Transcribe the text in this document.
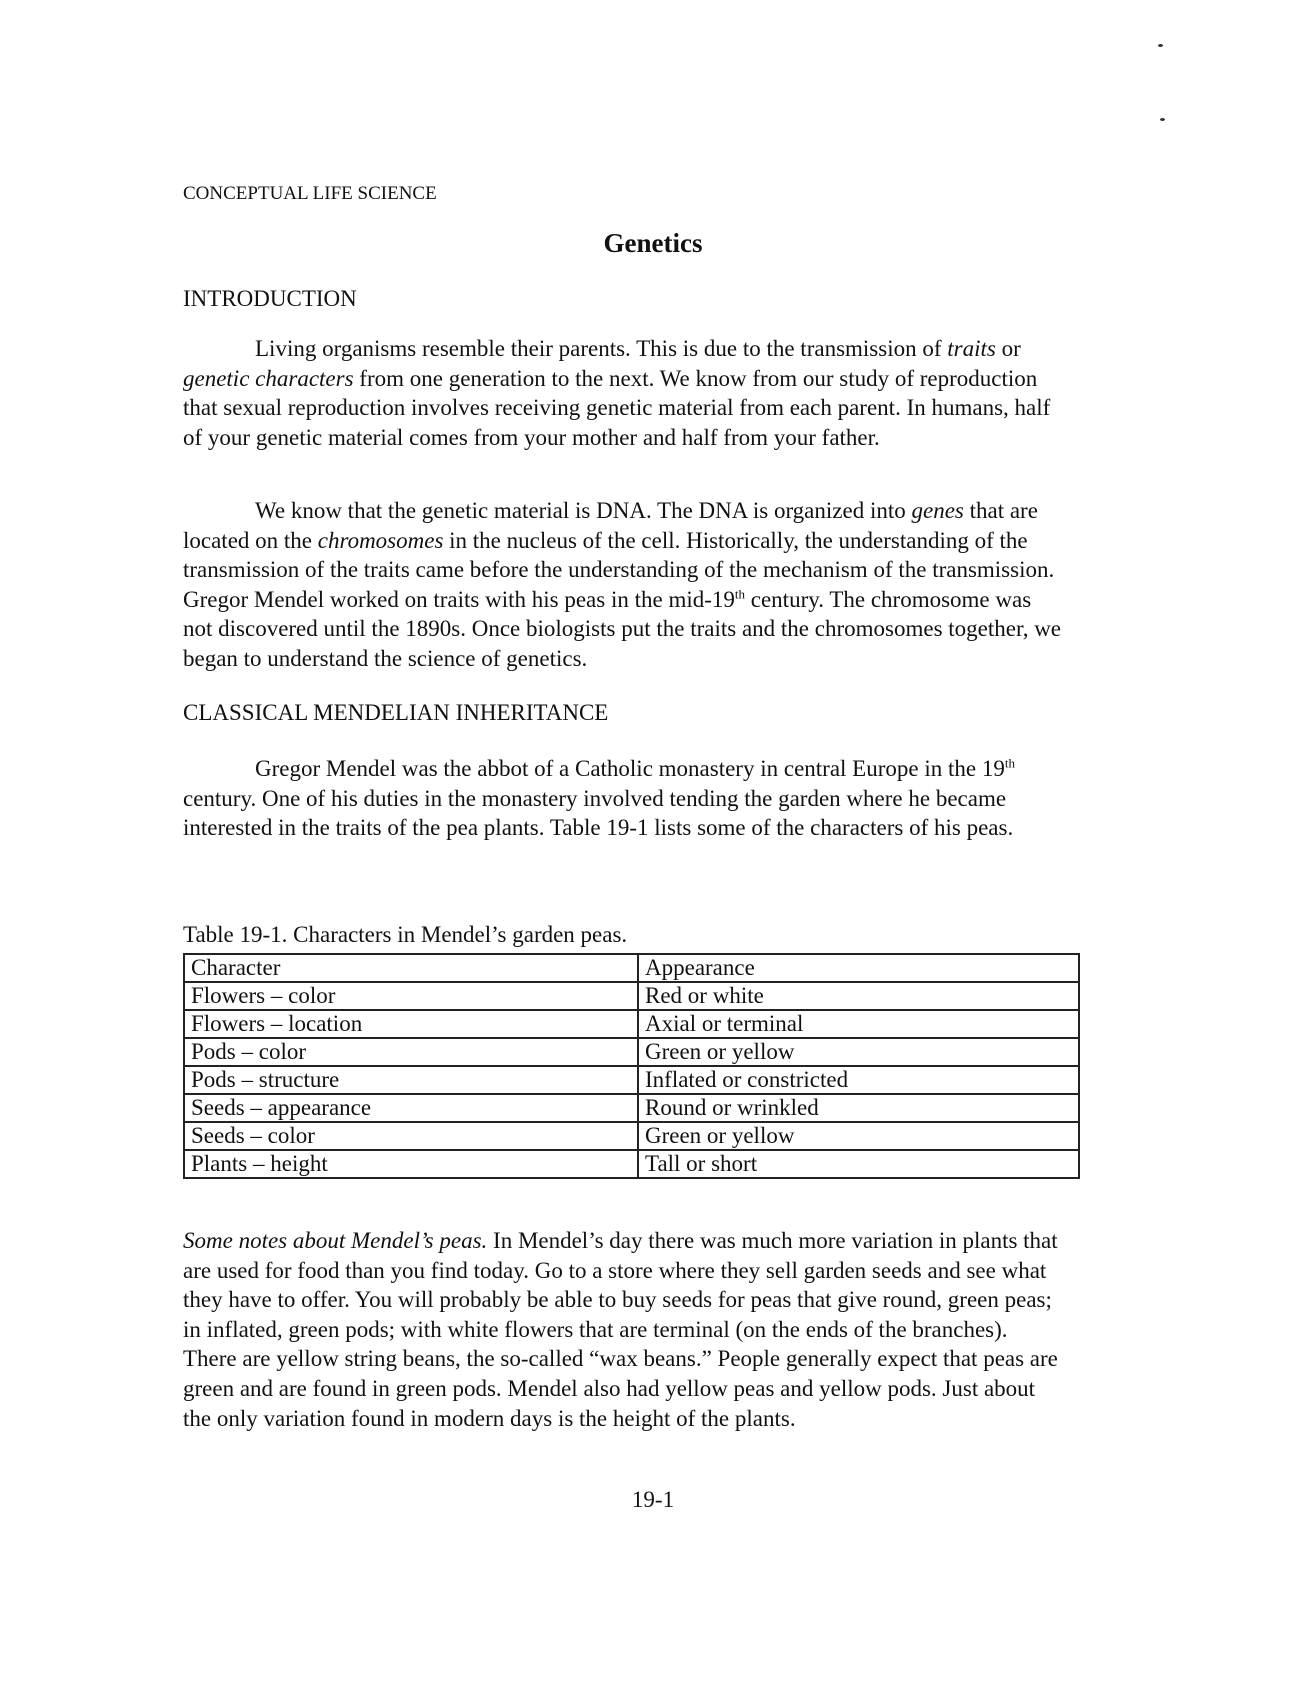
CONCEPTUAL LIFE SCIENCE
Genetics
INTRODUCTION

Living organisms resemble their parents. This is due to the transmission of traits or genetic characters from one generation to the next. We know from our study of reproduction that sexual reproduction involves receiving genetic material from each parent. In humans, half of your genetic material comes from your mother and half from your father.

We know that the genetic material is DNA. The DNA is organized into genes that are located on the chromosomes in the nucleus of the cell. Historically, the understanding of the transmission of the traits came before the understanding of the mechanism of the transmission. Gregor Mendel worked on traits with his peas in the mid-19th century. The chromosome was not discovered until the 1890s. Once biologists put the traits and the chromosomes together, we began to understand the science of genetics.

CLASSICAL MENDELIAN INHERITANCE

Gregor Mendel was the abbot of a Catholic monastery in central Europe in the 19th century. One of his duties in the monastery involved tending the garden where he became interested in the traits of the pea plants. Table 19-1 lists some of the characters of his peas.

Table 19-1. Characters in Mendel’s garden peas.
Character	Appearance
Flowers – color	Red or white
Flowers – location	Axial or terminal
Pods – color	Green or yellow
Pods – structure	Inflated or constricted
Seeds – appearance	Round or wrinkled
Seeds – color	Green or yellow
Plants – height	Tall or short

Some notes about Mendel’s peas. In Mendel’s day there was much more variation in plants that are used for food than you find today. Go to a store where they sell garden seeds and see what they have to offer. You will probably be able to buy seeds for peas that give round, green peas; in inflated, green pods; with white flowers that are terminal (on the ends of the branches). There are yellow string beans, the so-called “wax beans.” People generally expect that peas are green and are found in green pods. Mendel also had yellow peas and yellow pods. Just about the only variation found in modern days is the height of the plants.

19-1
